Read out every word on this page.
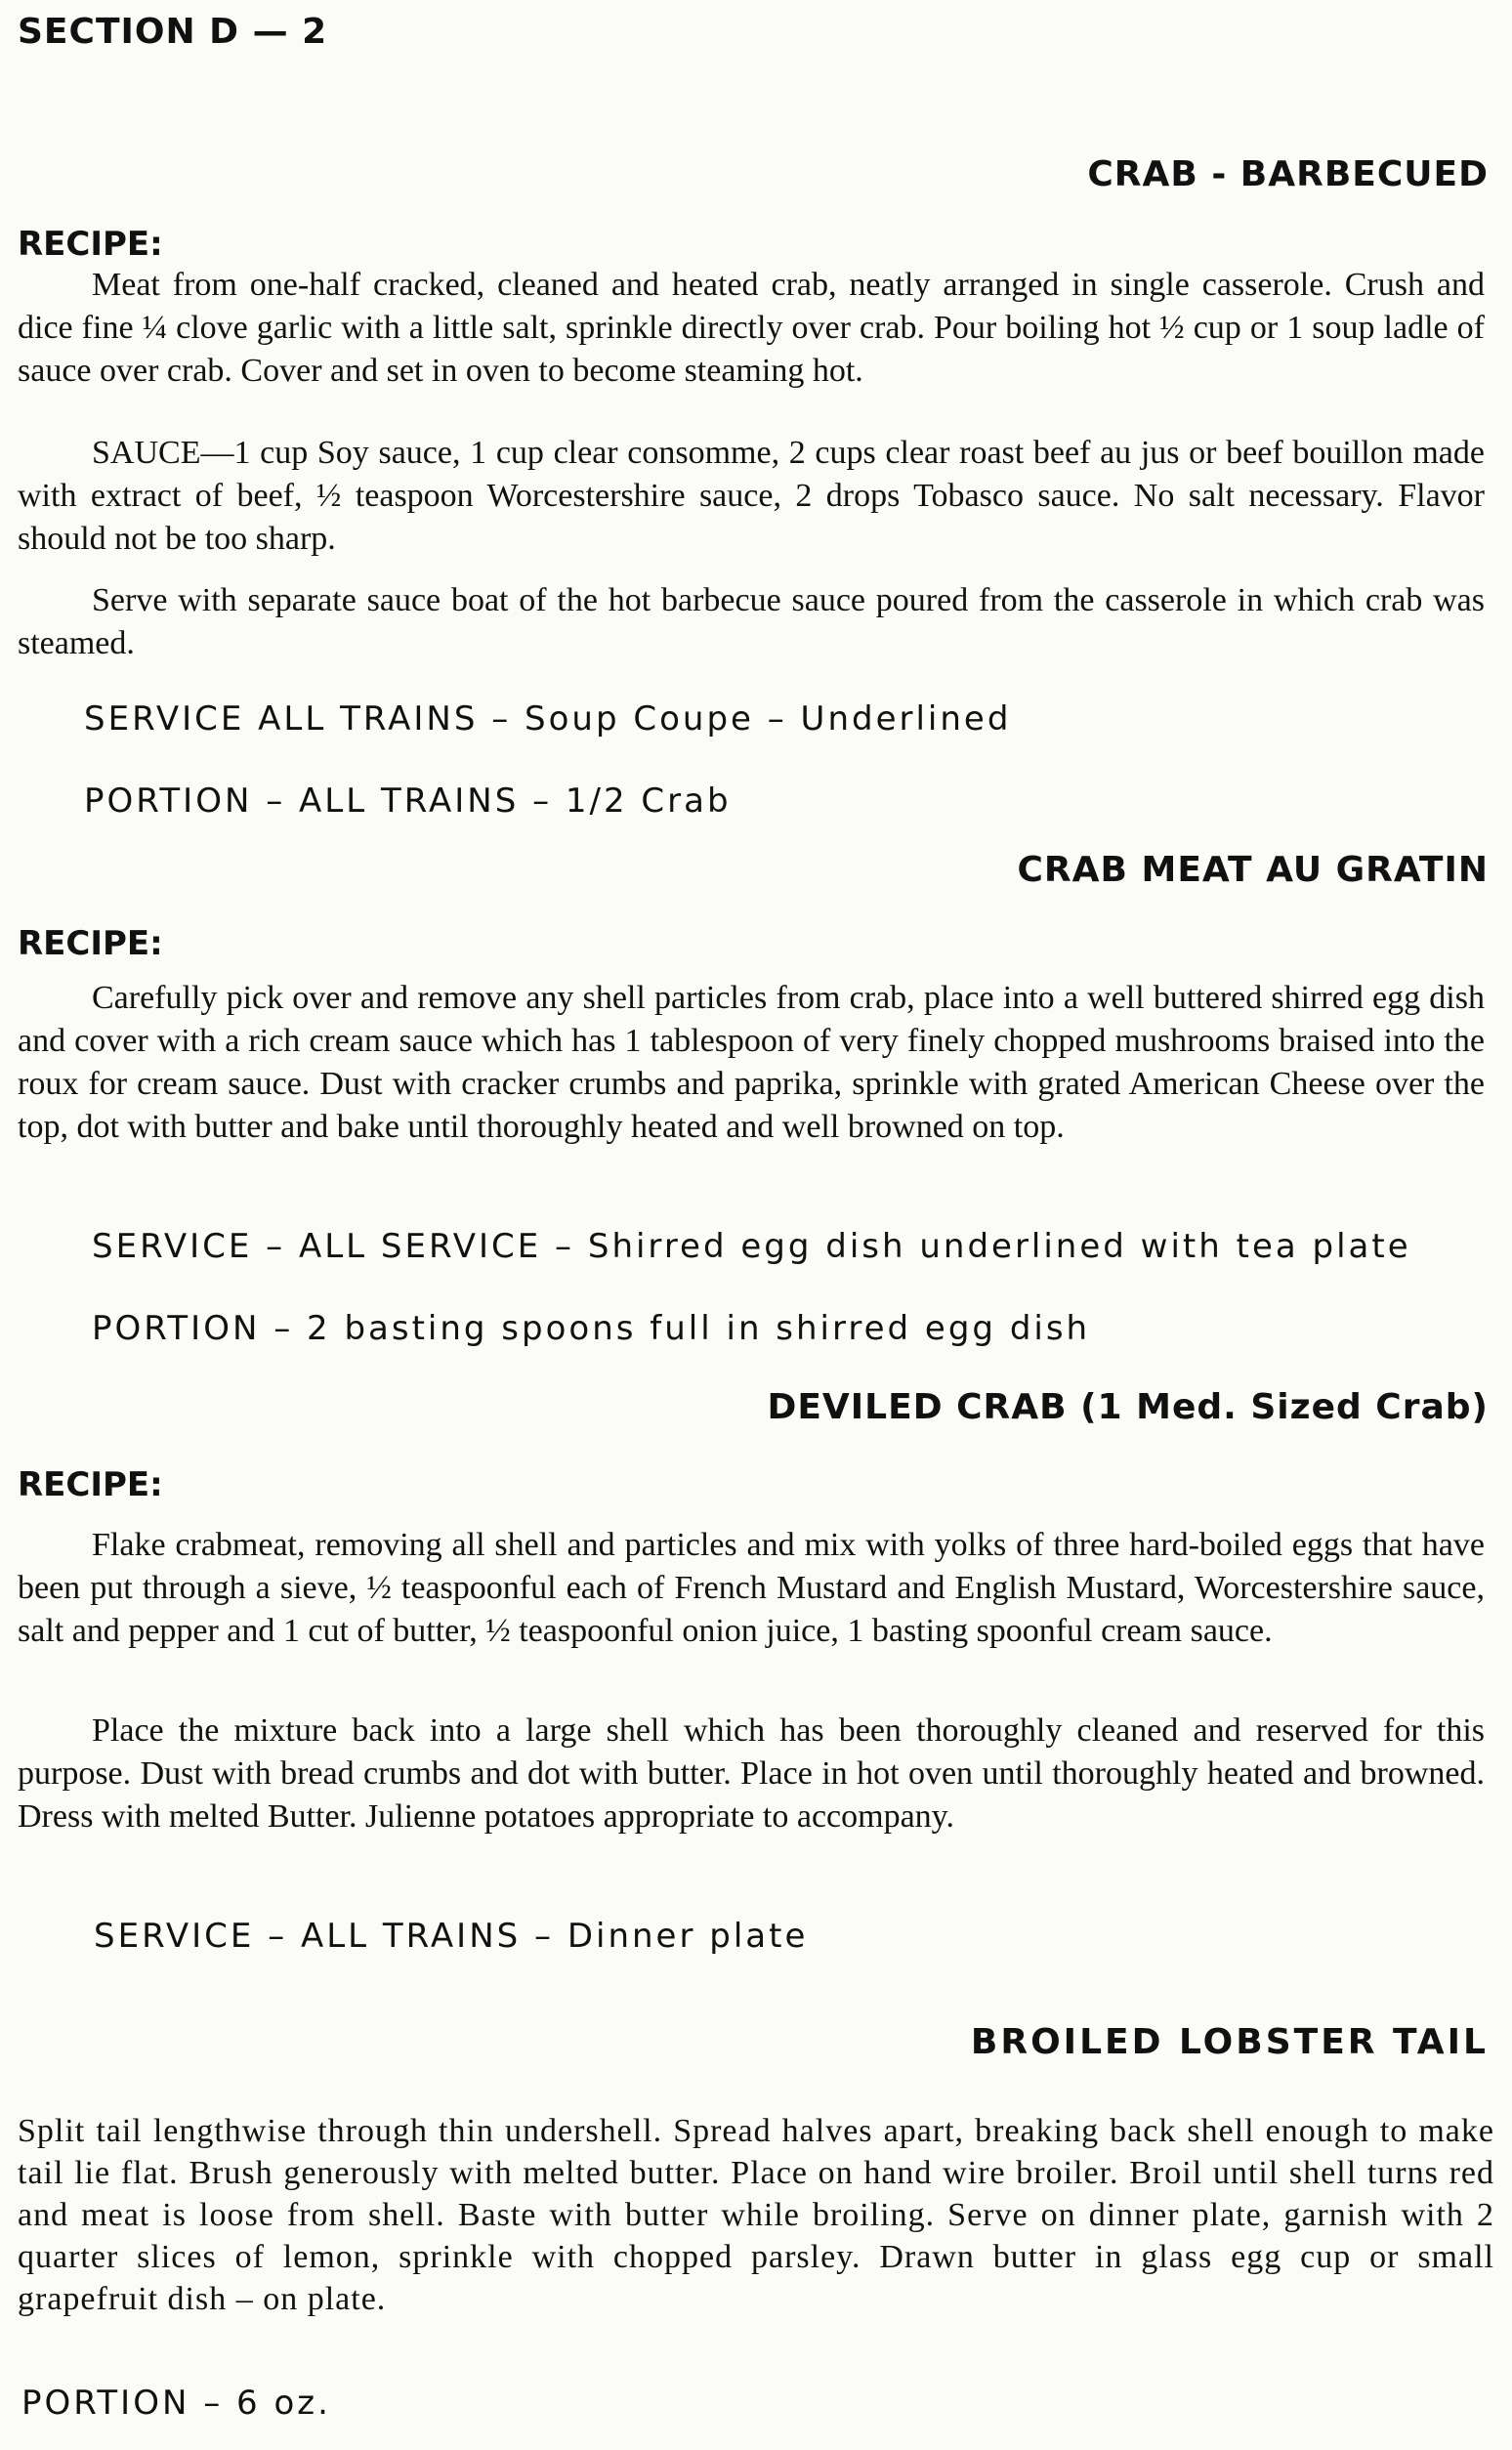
SECTION D — 2
CRAB - BARBECUED
RECIPE:

Meat from one-half cracked, cleaned and heated crab, neatly arranged in single casserole. Crush and dice fine ¼ clove garlic with a little salt, sprinkle directly over crab. Pour boiling hot ½ cup or 1 soup ladle of sauce over crab. Cover and set in oven to become steaming hot.

SAUCE—1 cup Soy sauce, 1 cup clear consomme, 2 cups clear roast beef au jus or beef bouillon made with extract of beef, ½ teaspoon Worcestershire sauce, 2 drops Tobasco sauce. No salt necessary. Flavor should not be too sharp.

Serve with separate sauce boat of the hot barbecue sauce poured from the casserole in which crab was steamed.

SERVICE ALL TRAINS – Soup Coupe – Underlined
PORTION – ALL TRAINS – 1/2 Crab
CRAB MEAT AU GRATIN
RECIPE:

Carefully pick over and remove any shell particles from crab, place into a well buttered shirred egg dish and cover with a rich cream sauce which has 1 tablespoon of very finely chopped mushrooms braised into the roux for cream sauce. Dust with cracker crumbs and paprika, sprinkle with grated American Cheese over the top, dot with butter and bake until thoroughly heated and well browned on top.

SERVICE – ALL SERVICE – Shirred egg dish underlined with tea plate
PORTION – 2 basting spoons full in shirred egg dish
DEVILED CRAB (1 Med. Sized Crab)
RECIPE:

Flake crabmeat, removing all shell and particles and mix with yolks of three hard-boiled eggs that have been put through a sieve, ½ teaspoonful each of French Mustard and English Mustard, Worcestershire sauce, salt and pepper and 1 cut of butter, ½ teaspoonful onion juice, 1 basting spoonful cream sauce.

Place the mixture back into a large shell which has been thoroughly cleaned and reserved for this purpose. Dust with bread crumbs and dot with butter. Place in hot oven until thoroughly heated and browned. Dress with melted Butter. Julienne potatoes appropriate to accompany.

SERVICE – ALL TRAINS – Dinner plate
BROILED LOBSTER TAIL

Split tail lengthwise through thin undershell. Spread halves apart, breaking back shell enough to make tail lie flat. Brush generously with melted butter. Place on hand wire broiler. Broil until shell turns red and meat is loose from shell. Baste with butter while broiling. Serve on dinner plate, garnish with 2 quarter slices of lemon, sprinkle with chopped parsley. Drawn butter in glass egg cup or small grapefruit dish – on plate.

PORTION – 6 oz.
